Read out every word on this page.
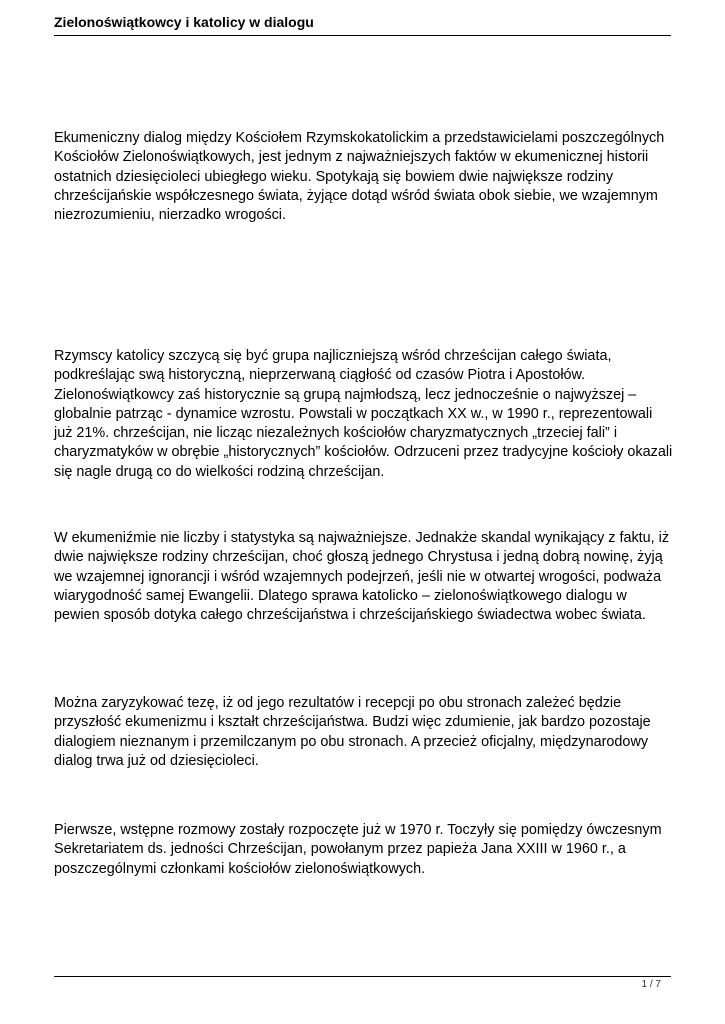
Zielonoświątkowcy i katolicy w dialogu

Ekumeniczny dialog między Kościołem Rzymskokatolickim a przedstawicielami poszczególnych Kościołów Zielonoświątkowych, jest jednym z najważniejszych faktów w ekumenicznej historii ostatnich dziesięcioleci ubiegłego wieku. Spotykają się bowiem dwie największe rodziny chrześcijańskie współczesnego świata, żyjące dotąd wśród świata obok siebie, we wzajemnym niezrozumieniu, nierzadko wrogości.

Rzymscy katolicy szczycą się być grupa najliczniejszą wśród chrześcijan całego świata, podkreślając swą historyczną, nieprzerwaną ciągłość od czasów Piotra i Apostołów. Zielonoświątkowcy zaś historycznie są grupą najmłodszą, lecz jednocześnie o najwyższej – globalnie patrząc - dynamice wzrostu. Powstali w początkach XX w., w 1990 r., reprezentowali już 21%. chrześcijan, nie licząc niezależnych kościołów charyzmatycznych „trzeciej fali” i charyzmatyków w obrębie „historycznych” kościołów. Odrzuceni przez tradycyjne kościoły okazali się nagle drugą co do wielkości rodziną chrześcijan.

W ekumeniźmie nie liczby i statystyka są najważniejsze. Jednakże skandal wynikający z faktu, iż dwie największe rodziny chrześcijan, choć głoszą jednego Chrystusa i jedną dobrą nowinę, żyją we wzajemnej ignorancji i wśród wzajemnych podejrzeń, jeśli nie w otwartej wrogości, podważa wiarygodność samej Ewangelii. Dlatego sprawa katolicko – zielonoświątkowego dialogu w pewien sposób dotyka całego chrześcijaństwa i chrześcijańskiego świadectwa wobec świata.

Można zaryzykować tezę, iż od jego rezultatów i recepcji po obu stronach zależeć będzie przyszłość ekumenizmu i kształt chrześcijaństwa. Budzi więc zdumienie, jak bardzo pozostaje dialogiem nieznanym i przemilczanym po obu stronach. A przecież oficjalny, międzynarodowy dialog trwa już od dziesięcioleci.

Pierwsze, wstępne rozmowy zostały rozpoczęte już w 1970 r. Toczyły się pomiędzy ówczesnym Sekretariatem ds. jedności Chrześcijan, powołanym przez papieża Jana XXIII w 1960 r., a poszczególnymi członkami kościołów zielonoświątkowych.

1 / 7
